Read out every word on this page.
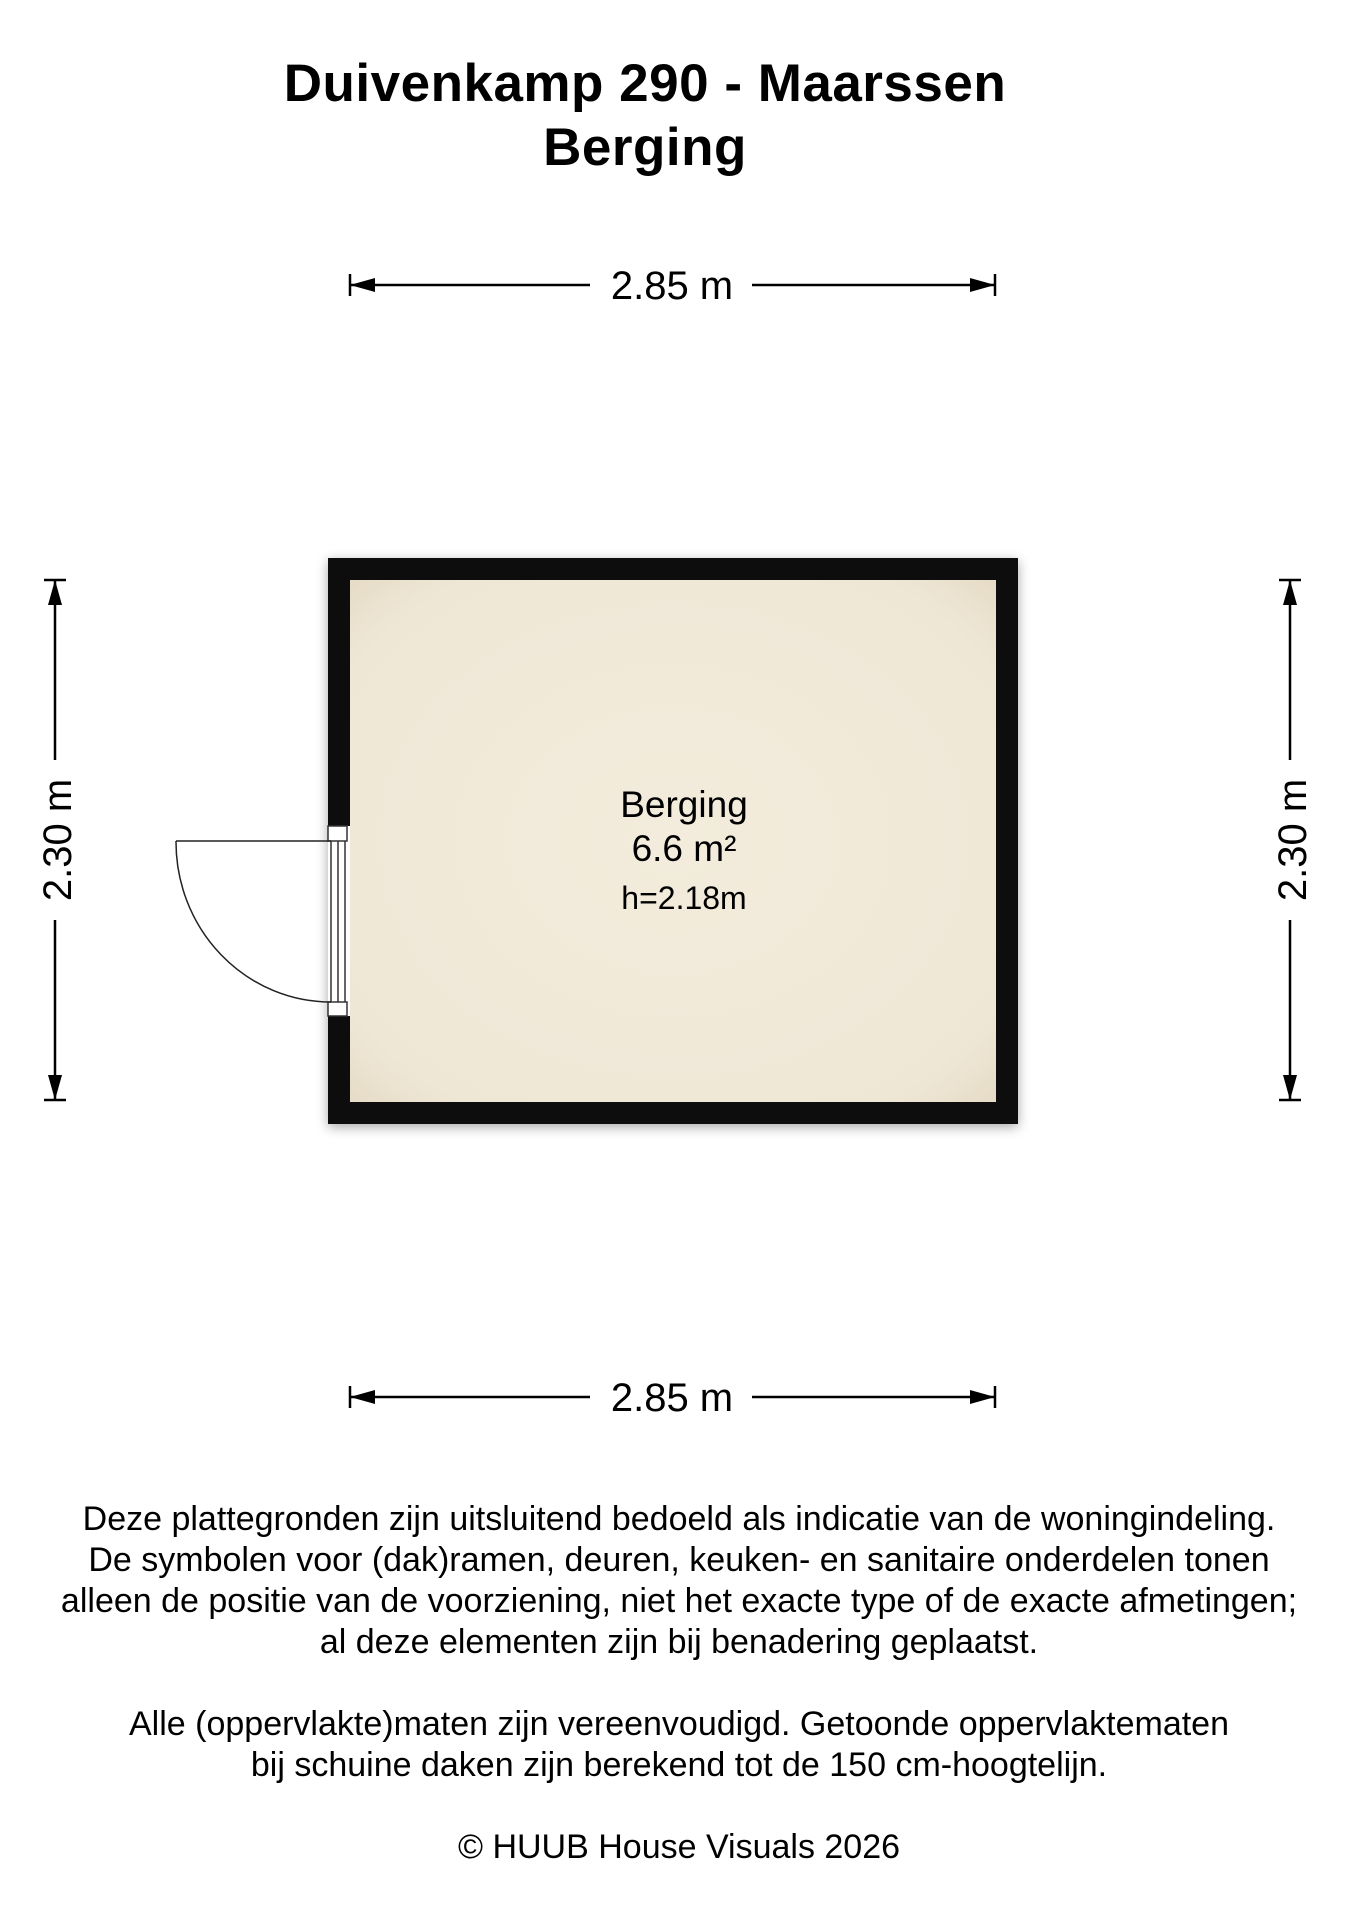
Duivenkamp 290 - Maarssen
Berging
2.85 m
2.85 m
2.30 m	2.30 m
Berging
6.6 m²
h=2.18m
Deze plattegronden zijn uitsluitend bedoeld als indicatie van de woningindeling.
De symbolen voor (dak)ramen, deuren, keuken- en sanitaire onderdelen tonen
alleen de positie van de voorziening, niet het exacte type of de exacte afmetingen;
al deze elementen zijn bij benadering geplaatst.
Alle (oppervlakte)maten zijn vereenvoudigd. Getoonde oppervlaktematen
bij schuine daken zijn berekend tot de 150 cm-hoogtelijn.
© HUUB House Visuals 2026
